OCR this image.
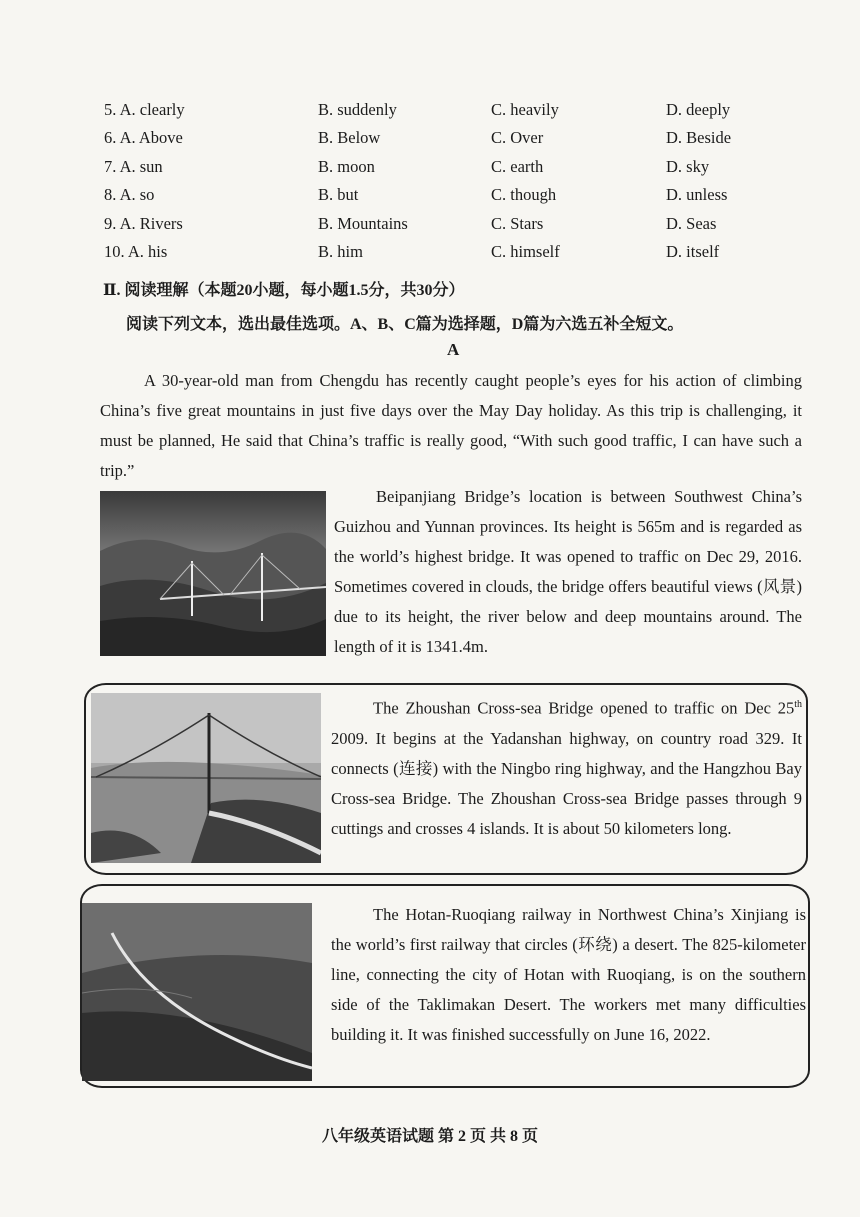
5. A. clearly	B. suddenly	C. heavily	D. deeply
6. A. Above	B. Below	C. Over	D. Beside
7. A. sun	B. moon	C. earth	D. sky
8. A. so	B. but	C. though	D. unless
9. A. Rivers	B. Mountains	C. Stars	D. Seas
10. A. his	B. him	C. himself	D. itself
Ⅱ. 阅读理解（本题20小题，每小题1.5分，共30分）
阅读下列文本，选出最佳选项。A、B、C篇为选择题，D篇为六选五补全短文。
A

A 30-year-old man from Chengdu has recently caught people’s eyes for his action of climbing China’s five great mountains in just five days over the May Day holiday. As this trip is challenging, it must be planned, He said that China’s traffic is really good, “With such good traffic, I can have such a trip.”

Beipanjiang Bridge’s location is between Southwest China’s Guizhou and Yunnan provinces. Its height is 565m and is regarded as the world’s highest bridge. It was opened to traffic on Dec 29, 2016. Sometimes covered in clouds, the bridge offers beautiful views (风景) due to its height, the river below and deep mountains around. The length of it is 1341.4m.

The Zhoushan Cross-sea Bridge opened to traffic on Dec 25th 2009. It begins at the Yadanshan highway, on country road 329. It connects (连接) with the Ningbo ring highway, and the Hangzhou Bay Cross-sea Bridge. The Zhoushan Cross-sea Bridge passes through 9 cuttings and crosses 4 islands. It is about 50 kilometers long.

The Hotan-Ruoqiang railway in Northwest China’s Xinjiang is the world’s first railway that circles (环绕) a desert. The 825-kilometer line, connecting the city of Hotan with Ruoqiang, is on the southern side of the Taklimakan Desert. The workers met many difficulties building it. It was finished successfully on June 16, 2022.

八年级英语试题 第 2 页 共 8 页
